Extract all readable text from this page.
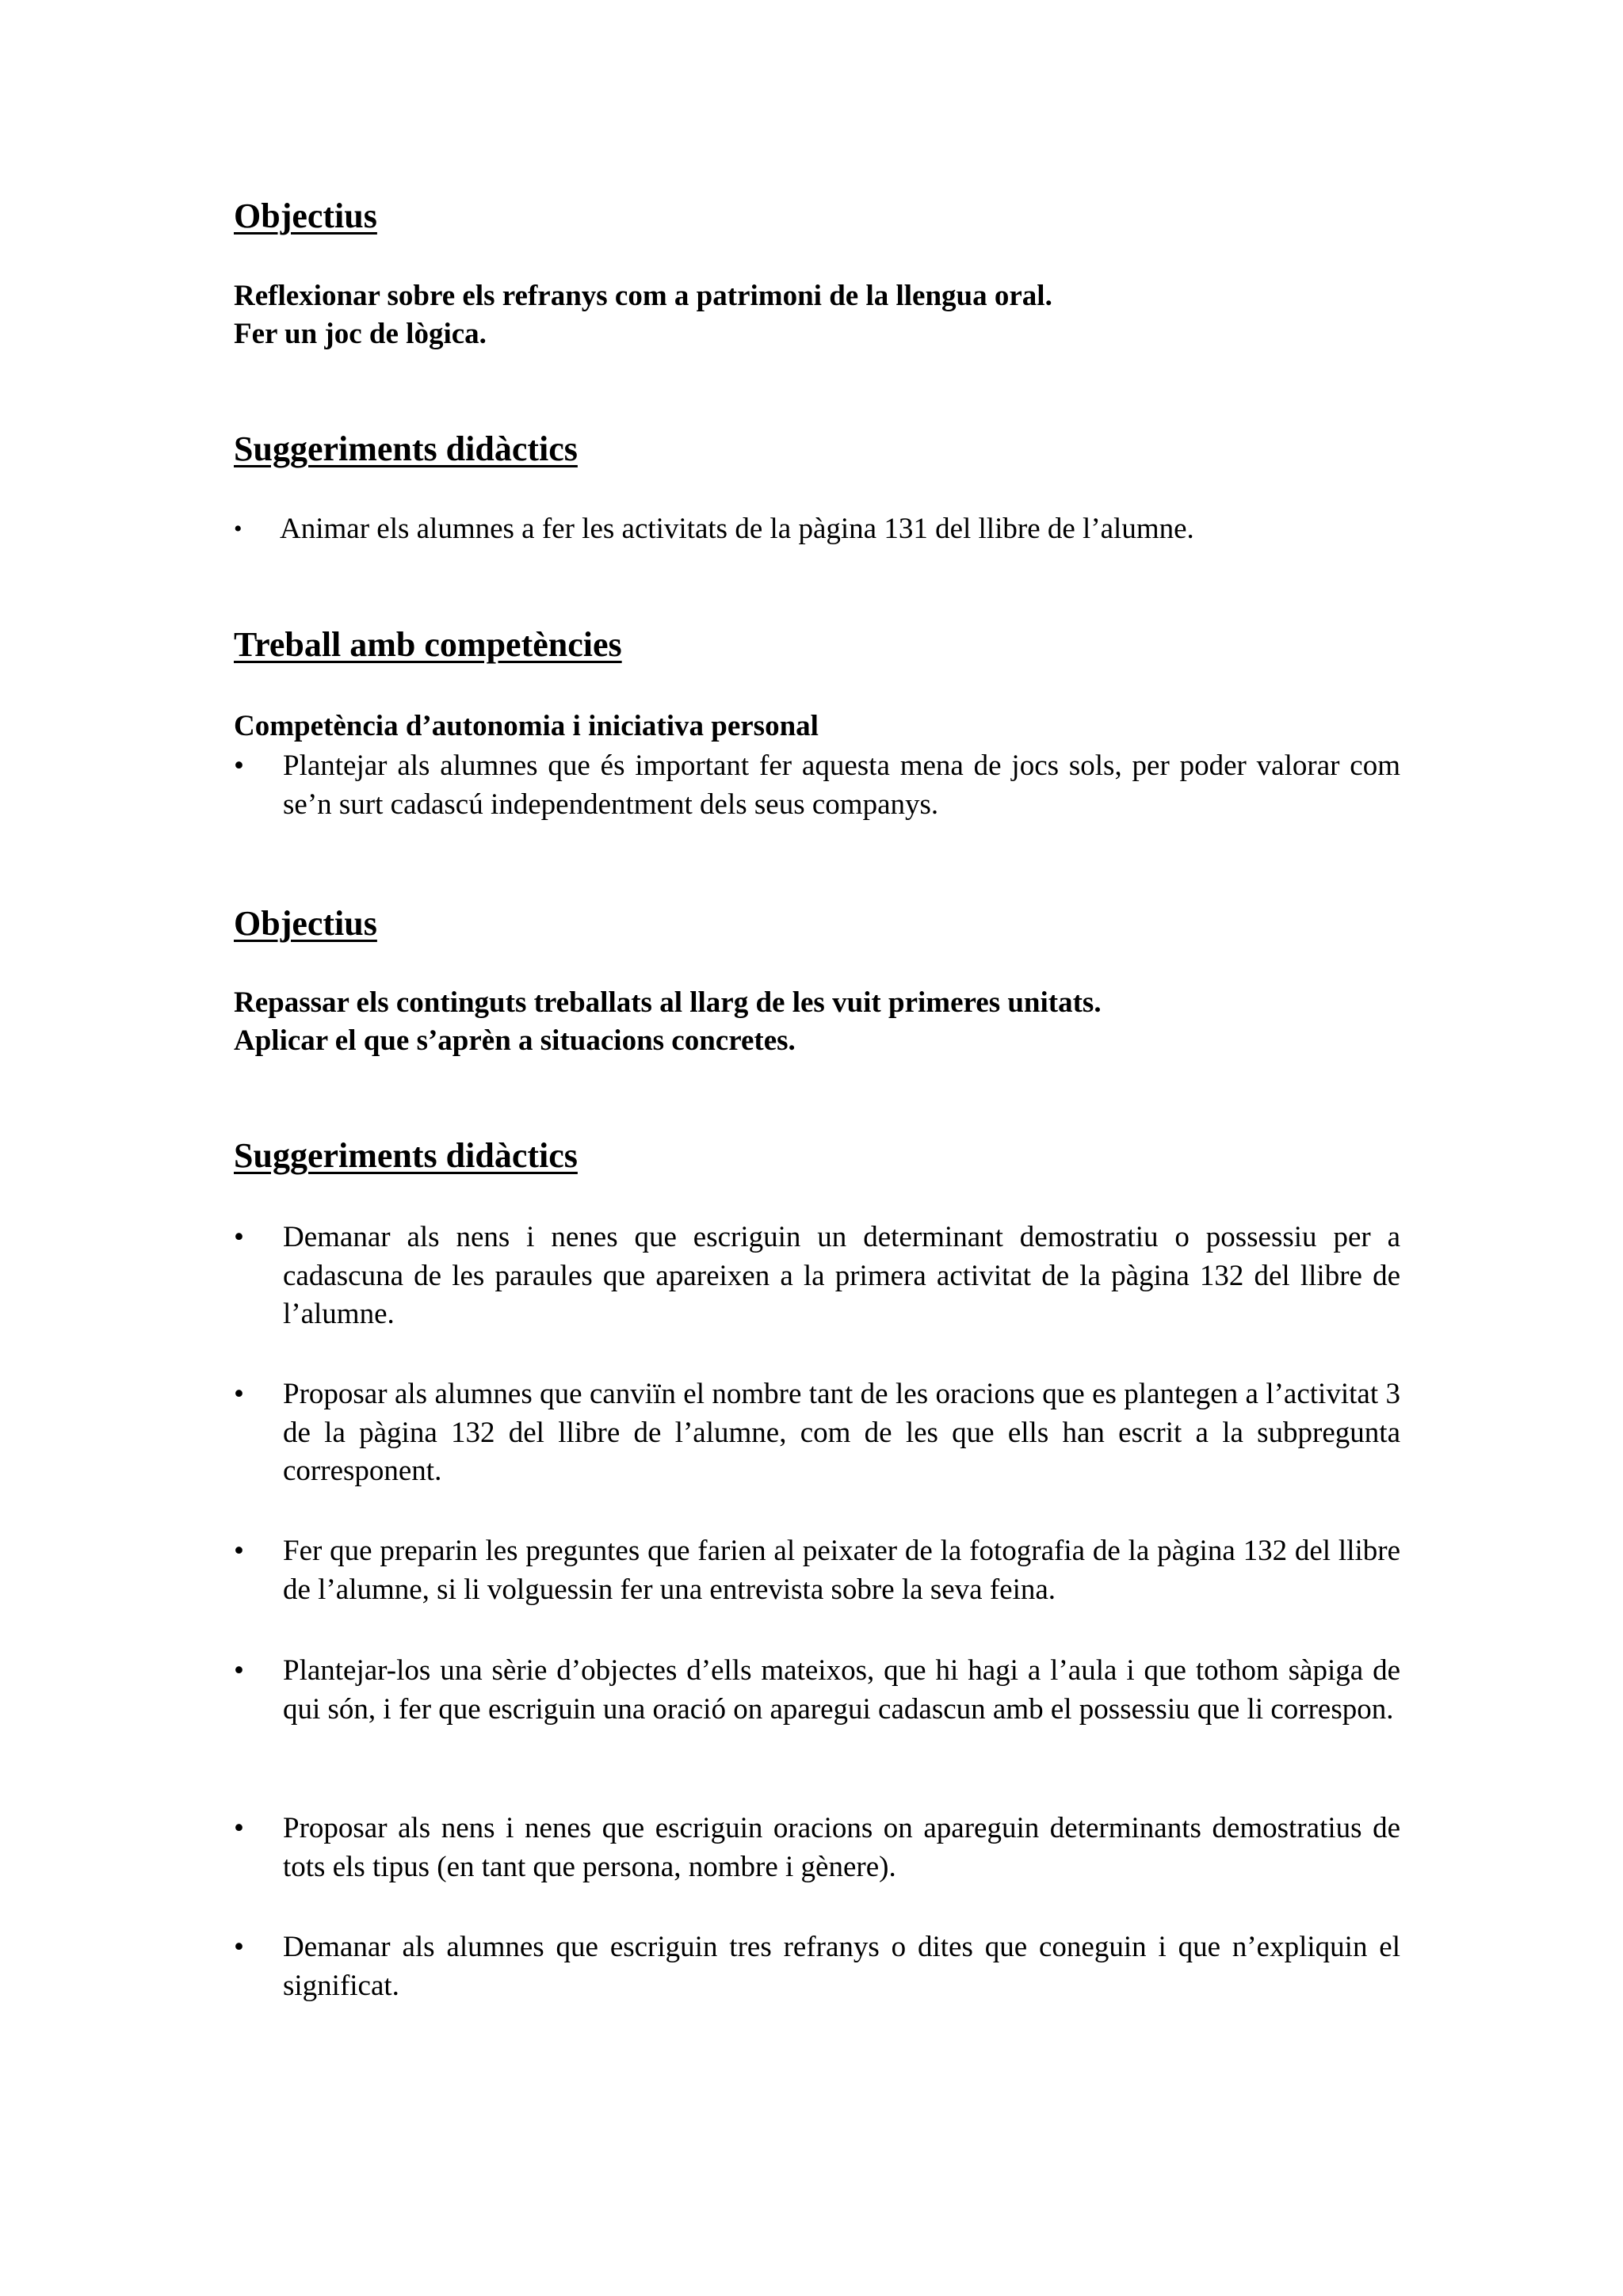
Objectius

Reflexionar sobre els refranys com a patrimoni de la llengua oral.

Fer un joc de lògica.

Suggeriments didàctics
•	Animar els alumnes a fer les activitats de la pàgina 131 del llibre de l’alumne.
Treball amb competències

Competència d’autonomia i iniciativa personal

•	Plantejar als alumnes que és important fer aquesta mena de jocs sols, per poder valorar com se’n surt cadascú independentment dels seus companys.
Objectius

Repassar els continguts treballats al llarg de les vuit primeres unitats.

Aplicar el que s’aprèn a situacions concretes.

Suggeriments didàctics
•	Demanar als nens i nenes que escriguin un determinant demostratiu o possessiu per a cadascuna de les paraules que apareixen a la primera activitat de la pàgina 132 del llibre de l’alumne.
•	Proposar als alumnes que canviïn el nombre tant de les oracions que es plantegen a l’activitat 3 de la pàgina 132 del llibre de l’alumne, com de les que ells han escrit a la subpregunta corresponent.
•	Fer que preparin les preguntes que farien al peixater de la fotografia de la pàgina 132 del llibre de l’alumne, si li volguessin fer una entrevista sobre la seva feina.
•	Plantejar-los una sèrie d’objectes d’ells mateixos, que hi hagi a l’aula i que tothom sàpiga de qui són, i fer que escriguin una oració on aparegui cadascun amb el possessiu que li correspon.
•	Proposar als nens i nenes que escriguin oracions on apareguin determinants demostratius de tots els tipus (en tant que persona, nombre i gènere).
•	Demanar als alumnes que escriguin tres refranys o dites que coneguin i que n’expliquin el significat.
